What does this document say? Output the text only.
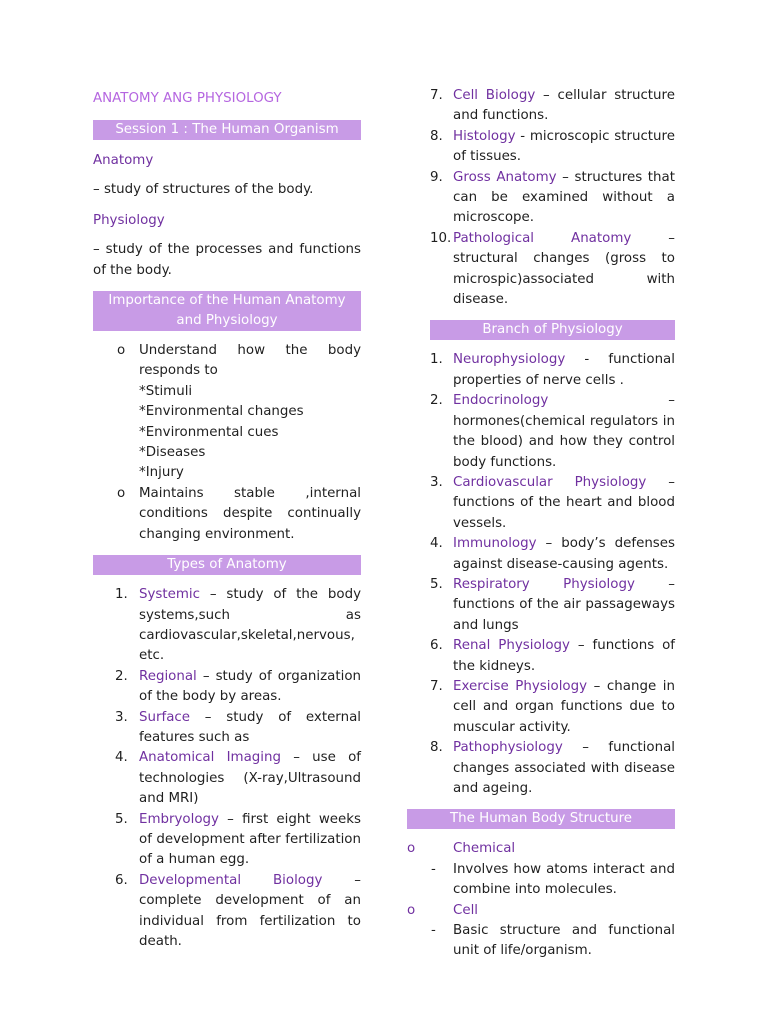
ANATOMY ANG PHYSIOLOGY
Session 1 : The Human Organism
Anatomy
– study of structures of the body.
Physiology
– study of the processes and functions of the body.
Importance of the Human Anatomy and Physiology
o Understand how the body responds to
*Stimuli
*Environmental changes
*Environmental cues
*Diseases
*Injury
o Maintains stable ,internal conditions despite continually changing environment.
Types of Anatomy
1. Systemic – study of the body systems,such as cardiovascular,skeletal,nervous, etc.
2. Regional – study of organization of the body by areas.
3. Surface – study of external features such as
4. Anatomical Imaging – use of technologies (X-ray,Ultrasound and MRI)
5. Embryology – first eight weeks of development after fertilization of a human egg.
6. Developmental Biology – complete development of an individual from fertilization to death.
7. Cell Biology – cellular structure and functions.
8. Histology - microscopic structure of tissues.
9. Gross Anatomy – structures that can be examined without a microscope.
10. Pathological Anatomy – structural changes (gross to microspic)associated with disease.
Branch of Physiology
1. Neurophysiology - functional properties of nerve cells .
2. Endocrinology – hormones(chemical regulators in the blood) and how they control body functions.
3. Cardiovascular Physiology – functions of the heart and blood vessels.
4. Immunology – body’s defenses against disease-causing agents.
5. Respiratory Physiology – functions of the air passageways and lungs
6. Renal Physiology – functions of the kidneys.
7. Exercise Physiology – change in cell and organ functions due to muscular activity.
8. Pathophysiology – functional changes associated with disease and ageing.
The Human Body Structure
o	Chemical
- Involves how atoms interact and combine into molecules.
o	Cell
- Basic structure and functional unit of life/organism.
